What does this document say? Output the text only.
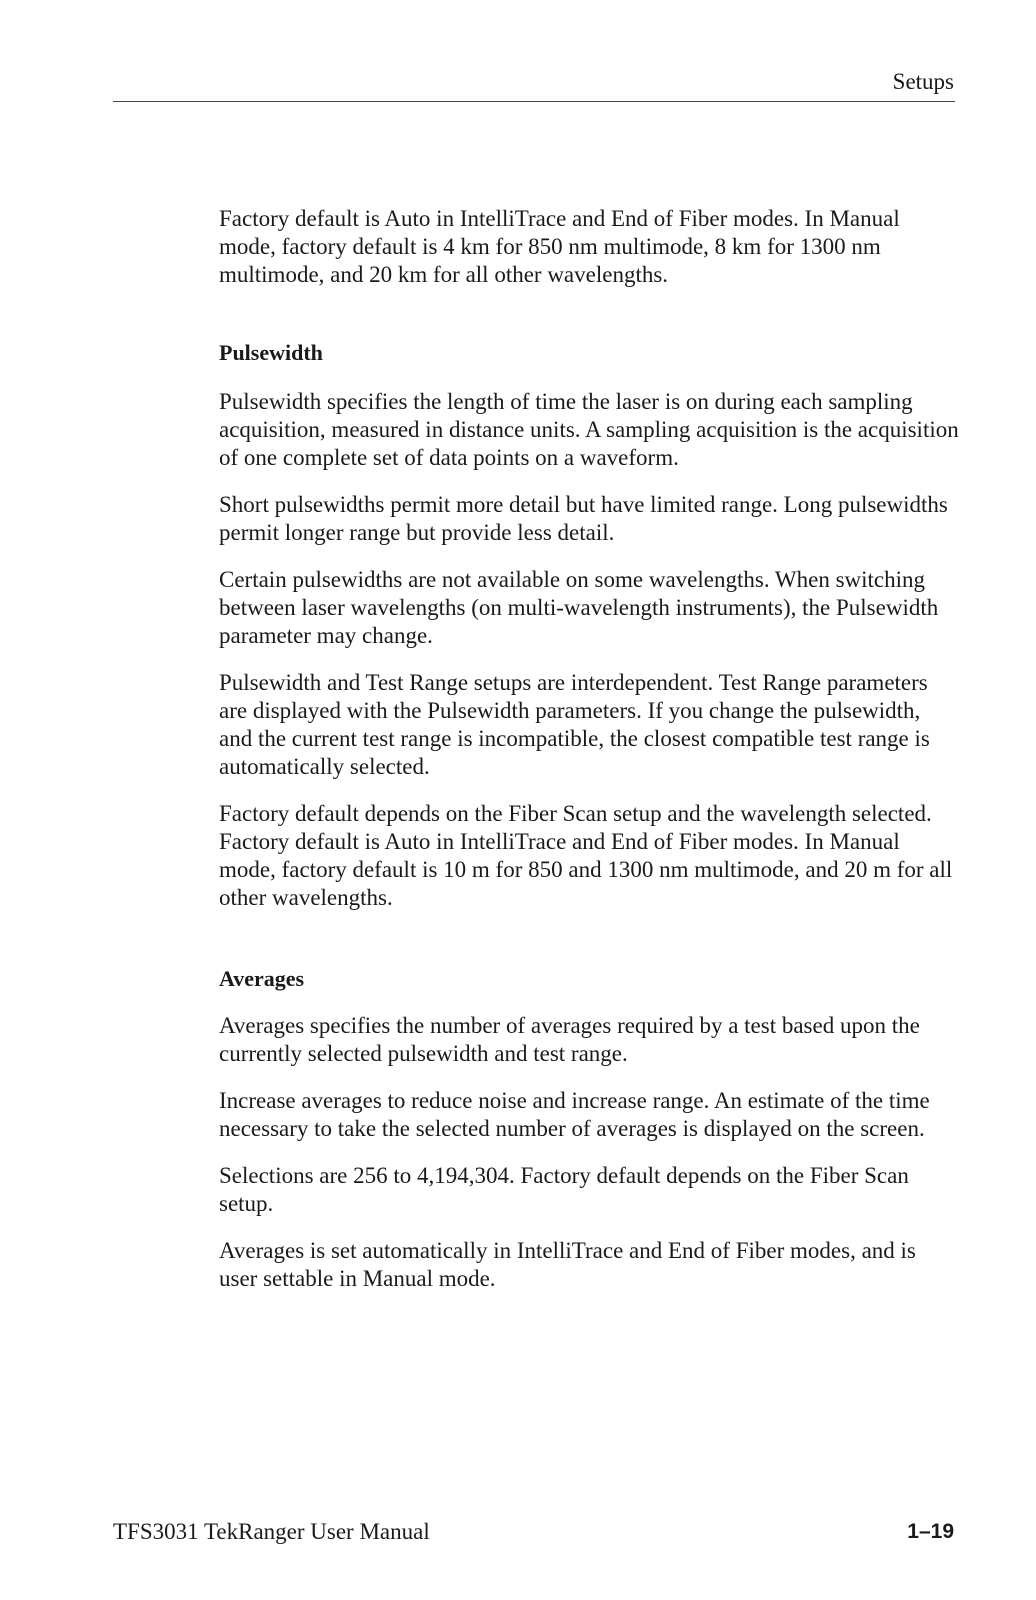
Setups

Factory default is Auto in IntelliTrace and End of Fiber modes. In Manual mode, factory default is 4 km for 850 nm multimode, 8 km for 1300 nm multimode, and 20 km for all other wavelengths.

Pulsewidth

Pulsewidth specifies the length of time the laser is on during each sampling acquisition, measured in distance units. A sampling acquisition is the acquisition of one complete set of data points on a waveform.

Short pulsewidths permit more detail but have limited range. Long pulsewidths permit longer range but provide less detail.

Certain pulsewidths are not available on some wavelengths. When switching between laser wavelengths (on multi-wavelength instruments), the Pulsewidth parameter may change.

Pulsewidth and Test Range setups are interdependent. Test Range parameters are displayed with the Pulsewidth parameters. If you change the pulsewidth, and the current test range is incompatible, the closest compatible test range is automatically selected.

Factory default depends on the Fiber Scan setup and the wavelength selected. Factory default is Auto in IntelliTrace and End of Fiber modes. In Manual mode, factory default is 10 m for 850 and 1300 nm multimode, and 20 m for all other wavelengths.

Averages

Averages specifies the number of averages required by a test based upon the currently selected pulsewidth and test range.

Increase averages to reduce noise and increase range. An estimate of the time necessary to take the selected number of averages is displayed on the screen.

Selections are 256 to 4,194,304. Factory default depends on the Fiber Scan setup.

Averages is set automatically in IntelliTrace and End of Fiber modes, and is user settable in Manual mode.

TFS3031 TekRanger User Manual	1–19
